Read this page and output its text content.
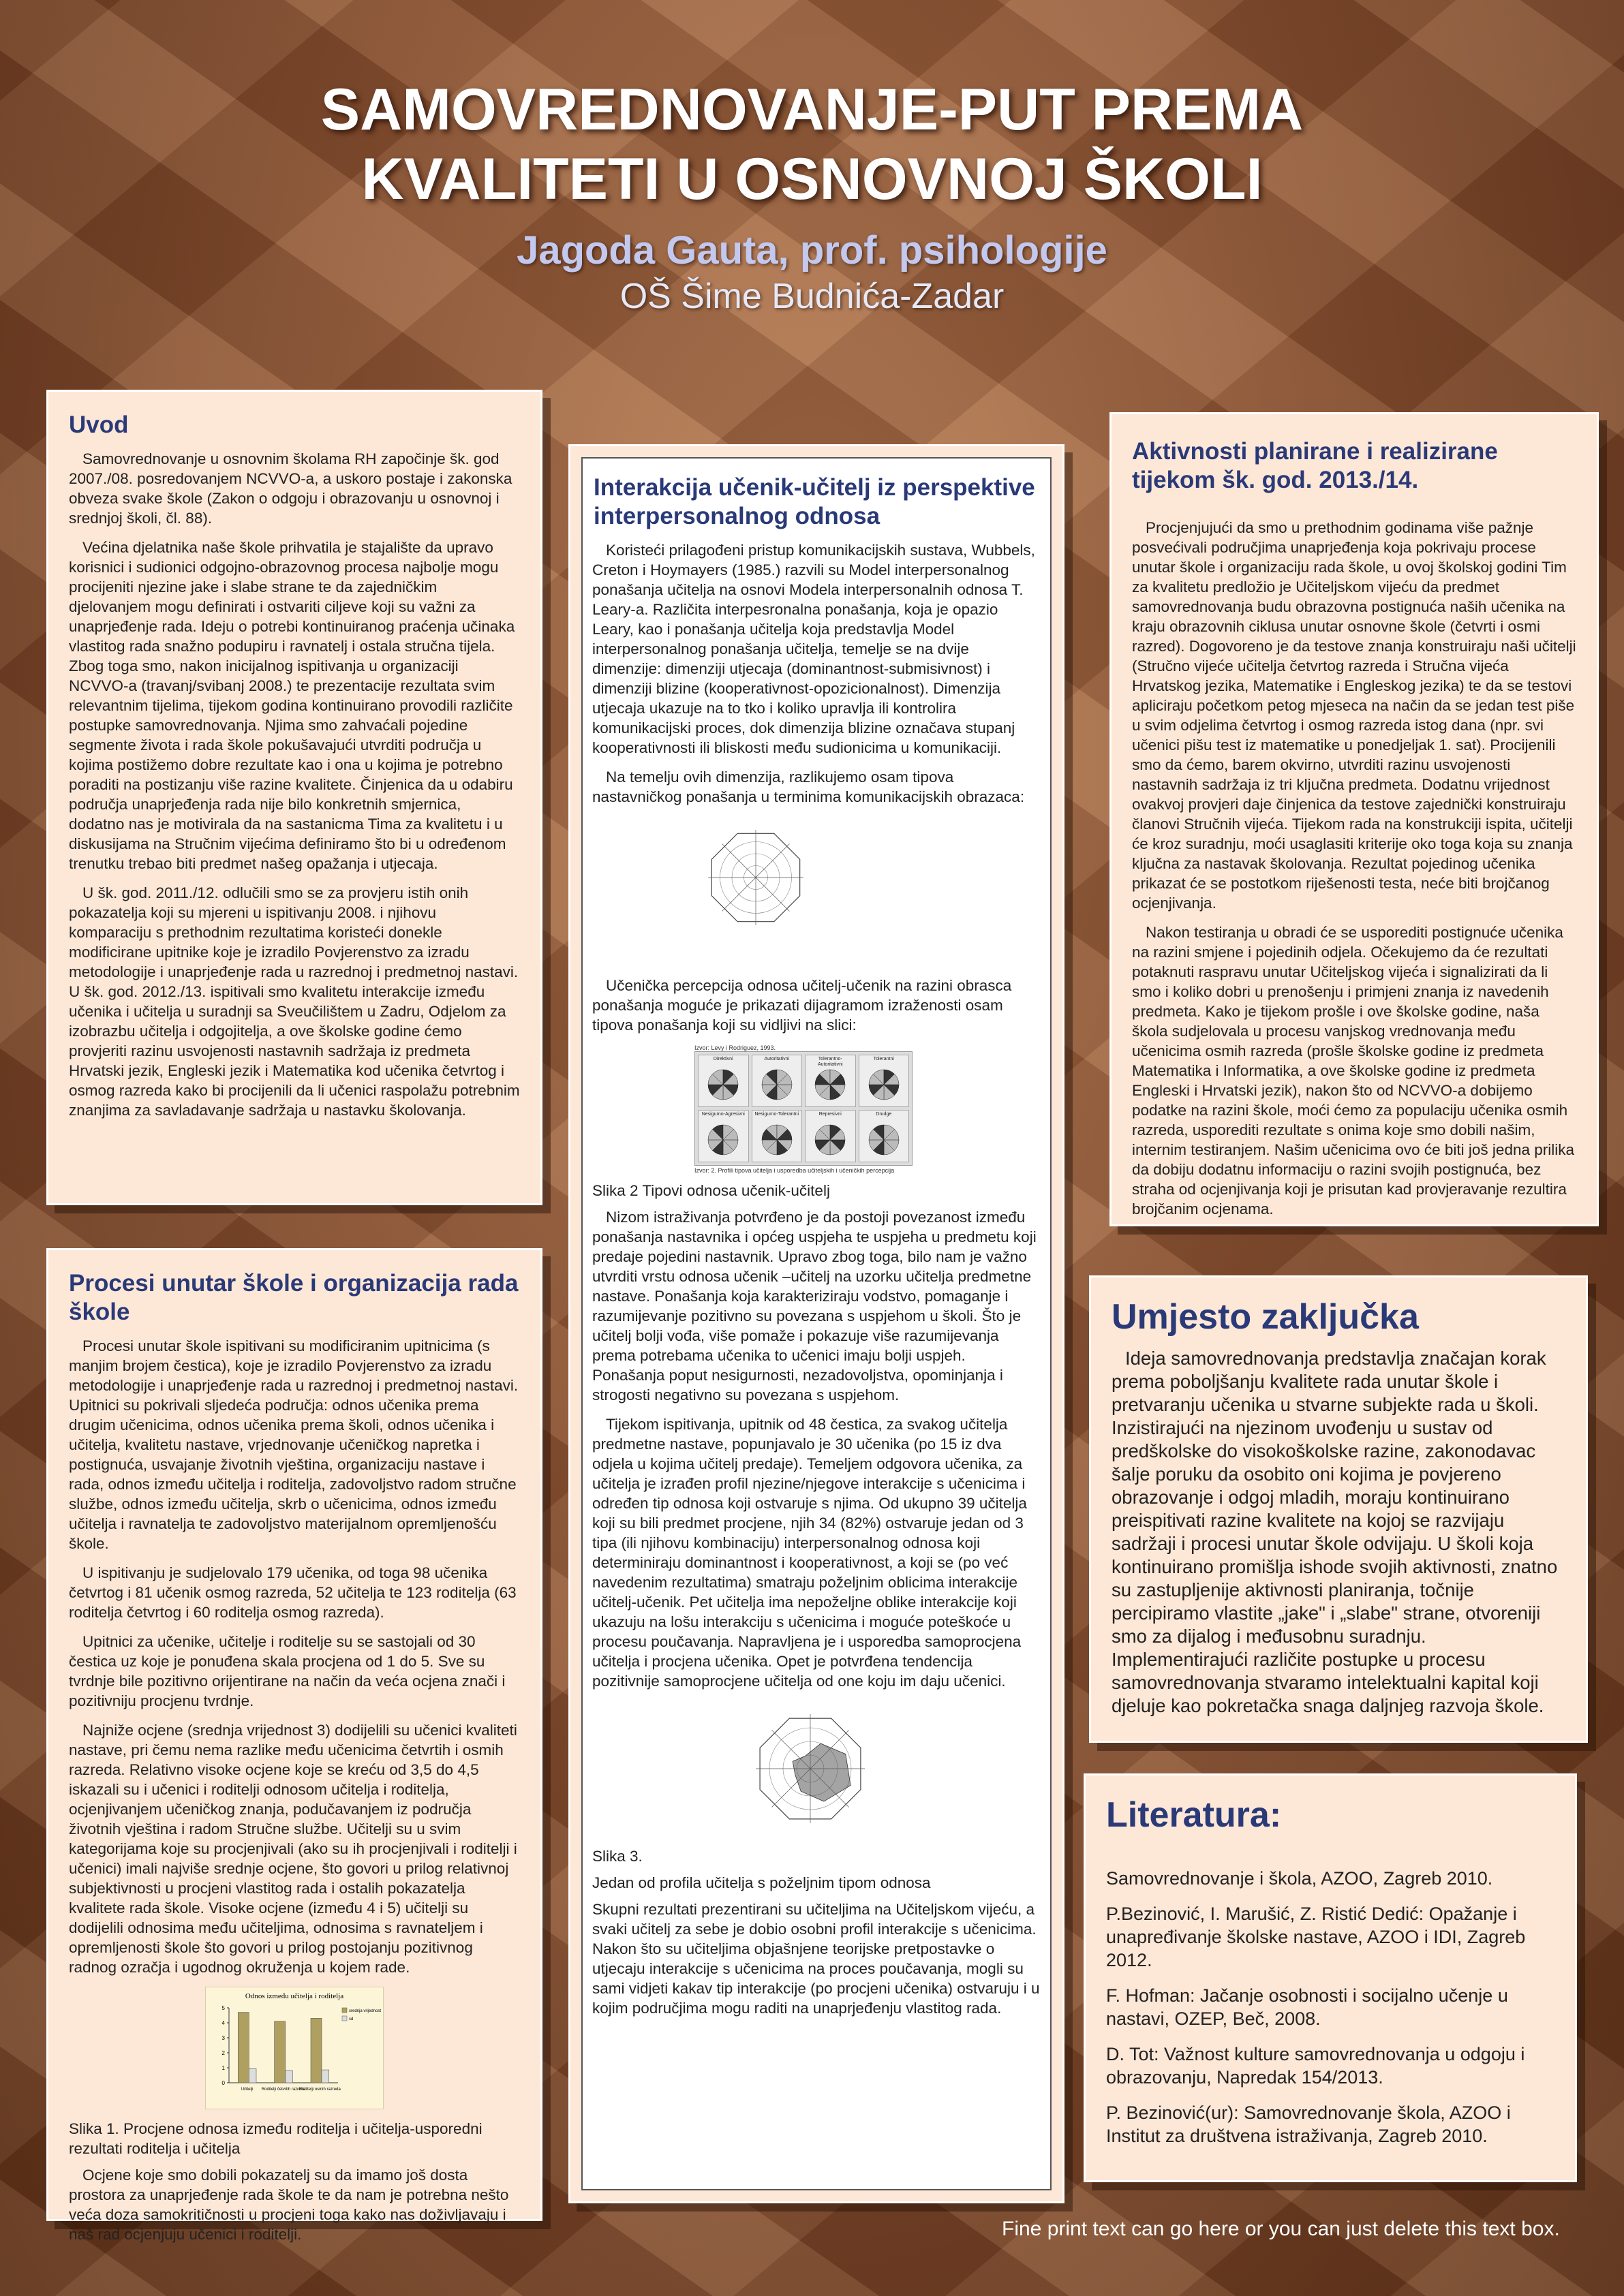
SAMOVREDNOVANJE-PUT PREMA
KVALITETI U OSNOVNOJ ŠKOLI
Jagoda Gauta, prof. psihologije
OŠ Šime Budnića-Zadar
Uvod

Samovrednovanje u osnovnim školama RH započinje šk. god 2007./08. posredovanjem NCVVO-a, a uskoro postaje i zakonska obveza svake škole (Zakon o odgoju i obrazovanju u osnovnoj i srednjoj školi, čl. 88).

Većina djelatnika naše škole prihvatila je stajalište da upravo korisnici i sudionici odgojno-obrazovnog procesa najbolje mogu procijeniti njezine jake i slabe strane te da zajedničkim djelovanjem mogu definirati i ostvariti ciljeve koji su važni za unaprjeđenje rada. Ideju o potrebi kontinuiranog praćenja učinaka vlastitog rada snažno podupiru i ravnatelj i ostala stručna tijela. Zbog toga smo, nakon inicijalnog ispitivanja u organizaciji NCVVO-a (travanj/svibanj 2008.) te prezentacije rezultata svim relevantnim tijelima, tijekom godina kontinuirano provodili različite postupke samovrednovanja. Njima smo zahvaćali pojedine segmente života i rada škole pokušavajući utvrditi područja u kojima postižemo dobre rezultate kao i ona u kojima je potrebno poraditi na postizanju više razine kvalitete. Činjenica da u odabiru područja unaprjeđenja rada nije bilo konkretnih smjernica, dodatno nas je motivirala da na sastanicma Tima za kvalitetu i u diskusijama na Stručnim vijećima definiramo što bi u određenom trenutku trebao biti predmet našeg opažanja i utjecaja.

U šk. god. 2011./12. odlučili smo se za provjeru istih onih pokazatelja koji su mjereni u ispitivanju 2008. i njihovu komparaciju s prethodnim rezultatima koristeći donekle modificirane upitnike koje je izradilo Povjerenstvo za izradu metodologije i unaprjeđenje rada u razrednoj i predmetnoj nastavi. U šk. god. 2012./13. ispitivali smo kvalitetu interakcije između učenika i učitelja u suradnji sa Sveučilištem u Zadru, Odjelom za izobrazbu učitelja i odgojitelja, a ove školske godine ćemo provjeriti razinu usvojenosti nastavnih sadržaja iz predmeta Hrvatski jezik, Engleski jezik i Matematika kod učenika četvrtog i osmog razreda kako bi procijenili da li učenici raspolažu potrebnim znanjima za savladavanje sadržaja u nastavku školovanja.

Procesi unutar škole i organizacija rada škole

Procesi unutar škole ispitivani su modificiranim upitnicima (s manjim brojem čestica), koje je izradilo Povjerenstvo za izradu metodologije i unaprjeđenje rada u razrednoj i predmetnoj nastavi. Upitnici su pokrivali sljedeća područja: odnos učenika prema drugim učenicima, odnos učenika prema školi, odnos učenika i učitelja, kvalitetu nastave, vrjednovanje učeničkog napretka i postignuća, usvajanje životnih vještina, organizaciju nastave i rada, odnos između učitelja i roditelja, zadovoljstvo radom stručne službe, odnos između učitelja, skrb o učenicima, odnos između učitelja i ravnatelja te zadovoljstvo materijalnom opremljenošću škole.

U ispitivanju je sudjelovalo 179 učenika, od toga 98 učenika četvrtog i 81 učenik osmog razreda, 52 učitelja te 123 roditelja (63 roditelja četvrtog i 60 roditelja osmog razreda).

Upitnici za učenike, učitelje i roditelje su se sastojali od 30 čestica uz koje je ponuđena skala procjena od 1 do 5. Sve su tvrdnje bile pozitivno orijentirane na način da veća ocjena znači i pozitivniju procjenu tvrdnje.

Najniže ocjene (srednja vrijednost 3) dodijelili su učenici kvaliteti nastave, pri čemu nema razlike među učenicima četvrtih i osmih razreda. Relativno visoke ocjene koje se kreću od 3,5 do 4,5 iskazali su i učenici i roditelji odnosom učitelja i roditelja, ocjenjivanjem učeničkog znanja, podučavanjem iz područja životnih vještina i radom Stručne službe. Učitelji su u svim kategorijama koje su procjenjivali (ako su ih procjenjivali i roditelji i učenici) imali najviše srednje ocjene, što govori u prilog relativnoj subjektivnosti u procjeni vlastitog rada i ostalih pokazatelja kvalitete rada škole. Visoke ocjene (između 4 i 5) učitelji su dodijelili odnosima među učiteljima, odnosima s ravnateljem i opremljenosti škole što govori u prilog postojanju pozitivnog radnog ozračja i ugodnog okruženja u kojem rade.

Odnos između učitelja i roditelja
0
1
2
3
4
5
Učitelji Roditelji četvrtih razreda
Roditelji osmih razreda
srednja vrijednost
sd

Slika 1. Procjene odnosa između roditelja i učitelja-usporedni rezultati roditelja i učitelja

Ocjene koje smo dobili pokazatelj su da imamo još dosta prostora za unaprjeđenje rada škole te da nam je potrebna nešto veća doza samokritičnosti u procjeni toga kako nas doživljavaju i naš rad ocjenjuju učenici i roditelji.

Interakcija učenik-učitelj iz perspektive interpersonalnog odnosa

Koristeći prilagođeni pristup komunikacijskih sustava, Wubbels, Creton i Hoymayers (1985.) razvili su Model interpersonalnog ponašanja učitelja na osnovi Modela interpersonalnih odnosa T. Leary-a. Različita interpesronalna ponašanja, koja je opazio Leary, kao i ponašanja učitelja koja predstavlja Model interpersonalnog ponašanja učitelja, temelje se na dvije dimenzije: dimenziji utjecaja (dominantnost-submisivnost) i dimenziji blizine (kooperativnost-opozicionalnost). Dimenzija utjecaja ukazuje na to tko i koliko upravlja ili kontrolira komunikacijski proces, dok dimenzija blizine označava stupanj kooperativnosti ili bliskosti među sudionicima u komunikaciji.

Na temelju ovih dimenzija, razlikujemo osam tipova nastavničkog ponašanja u terminima komunikacijskih obrazaca:

Učenička percepcija odnosa učitelj-učenik na razini obrasca ponašanja moguće je prikazati dijagramom izraženosti osam tipova ponašanja koji su vidljivi na slici:

Izvor: Levy i Rodriguez, 1993.
Direktivni	Autoritativni	Tolerantno-Autoritativni
Tolerantni
Nesigurno-Agresivni	Nesigurno-Tolerantni	Represivni	Drudge
Izvor: 2. Profili tipova učitelja i usporedba učiteljskih i učeničkih percepcija

Slika 2 Tipovi odnosa učenik-učitelj

Nizom istraživanja potvrđeno je da postoji povezanost između ponašanja nastavnika i općeg uspjeha te uspjeha u predmetu koji predaje pojedini nastavnik. Upravo zbog toga, bilo nam je važno utvrditi vrstu odnosa učenik –učitelj na uzorku učitelja predmetne nastave. Ponašanja koja karakteriziraju vodstvo, pomaganje i razumijevanje pozitivno su povezana s uspjehom u školi. Što je učitelj bolji vođa, više pomaže i pokazuje više razumijevanja prema potrebama učenika to učenici imaju bolji uspjeh. Ponašanja poput nesigurnosti, nezadovoljstva, opominjanja i strogosti negativno su povezana s uspjehom.

Tijekom ispitivanja, upitnik od 48 čestica, za svakog učitelja predmetne nastave, popunjavalo je 30 učenika (po 15 iz dva odjela u kojima učitelj predaje). Temeljem odgovora učenika, za učitelja je izrađen profil njezine/njegove interakcije s učenicima i određen tip odnosa koji ostvaruje s njima. Od ukupno 39 učitelja koji su bili predmet procjene, njih 34 (82%) ostvaruje jedan od 3 tipa (ili njihovu kombinaciju) interpersonalnog odnosa koji determiniraju dominantnost i kooperativnost, a koji se (po već navedenim rezultatima) smatraju poželjnim oblicima interakcije učitelj-učenik. Pet učitelja ima nepoželjne oblike interakcije koji ukazuju na lošu interakciju s učenicima i moguće poteškoće u procesu poučavanja. Napravljena je i usporedba samoprocjena učitelja i procjena učenika. Opet je potvrđena tendencija pozitivnije samoprocjene učitelja od one koju im daju učenici.

Slika 3.

Jedan od profila učitelja s poželjnim tipom odnosa

Skupni rezultati prezentirani su učiteljima na Učiteljskom vijeću, a svaki učitelj za sebe je dobio osobni profil interakcije s učenicima. Nakon što su učiteljima objašnjene teorijske pretpostavke o utjecaju interakcije s učenicima na proces poučavanja, mogli su sami vidjeti kakav tip interakcije (po procjeni učenika) ostvaruju i u kojim područjima mogu raditi na unaprjeđenju vlastitog rada.

Aktivnosti planirane i realizirane tijekom šk. god. 2013./14.

Procjenjujući da smo u prethodnim godinama više pažnje posvećivali područjima unaprjeđenja koja pokrivaju procese unutar škole i organizaciju rada škole, u ovoj školskoj godini Tim za kvalitetu predložio je Učiteljskom vijeću da predmet samovrednovanja budu obrazovna postignuća naših učenika na kraju obrazovnih ciklusa unutar osnovne škole (četvrti i osmi razred). Dogovoreno je da testove znanja konstruiraju naši učitelji (Stručno vijeće učitelja četvrtog razreda i Stručna vijeća Hrvatskog jezika, Matematike i Engleskog jezika) te da se testovi apliciraju početkom petog mjeseca na način da se jedan test piše u svim odjelima četvrtog i osmog razreda istog dana (npr. svi učenici pišu test iz matematike u ponedjeljak 1. sat). Procijenili smo da ćemo, barem okvirno, utvrditi razinu usvojenosti nastavnih sadržaja iz tri ključna predmeta. Dodatnu vrijednost ovakvoj provjeri daje činjenica da testove zajednički konstruiraju članovi Stručnih vijeća. Tijekom rada na konstrukciji ispita, učitelji će kroz suradnju, moći usaglasiti kriterije oko toga koja su znanja ključna za nastavak školovanja. Rezultat pojedinog učenika prikazat će se postotkom riješenosti testa, neće biti brojčanog ocjenjivanja.

Nakon testiranja u obradi će se usporediti postignuće učenika na razini smjene i pojedinih odjela. Očekujemo da će rezultati potaknuti raspravu unutar Učiteljskog vijeća i signalizirati da li smo i koliko dobri u prenošenju i primjeni znanja iz navedenih predmeta. Kako je tijekom prošle i ove školske godine, naša škola sudjelovala u procesu vanjskog vrednovanja među učenicima osmih razreda (prošle školske godine iz predmeta Matematika i Informatika, a ove školske godine iz predmeta Engleski i Hrvatski jezik), nakon što od NCVVO-a dobijemo podatke na razini škole, moći ćemo za populaciju učenika osmih razreda, usporediti rezultate s onima koje smo dobili našim, internim testiranjem. Našim učenicima ovo će biti još jedna prilika da dobiju dodatnu informaciju o razini svojih postignuća, bez straha od ocjenjivanja koji je prisutan kad provjeravanje rezultira brojčanim ocjenama.

Umjesto zaključka

Ideja samovrednovanja predstavlja značajan korak prema poboljšanju kvalitete rada unutar škole i pretvaranju učenika u stvarne subjekte rada u školi. Inzistirajući na njezinom uvođenju u sustav od predškolske do visokoškolske razine, zakonodavac šalje poruku da osobito oni kojima je povjereno obrazovanje i odgoj mladih, moraju kontinuirano preispitivati razine kvalitete na kojoj se razvijaju sadržaji i procesi unutar škole odvijaju. U školi koja kontinuirano promišlja ishode svojih aktivnosti, znatno su zastupljenije aktivnosti planiranja, točnije percipiramo vlastite „jake" i „slabe" strane, otvoreniji smo za dijalog i međusobnu suradnju. Implementirajući različite postupke u procesu samovrednovanja stvaramo intelektualni kapital koji djeluje kao pokretačka snaga daljnjeg razvoja škole.

Literatura:

Samovrednovanje i škola, AZOO, Zagreb 2010.

P.Bezinović, I. Marušić, Z. Ristić Dedić: Opažanje i unapređivanje školske nastave, AZOO i IDI, Zagreb 2012.

F. Hofman: Jačanje osobnosti i socijalno učenje u nastavi, OZEP, Beč, 2008.

D. Tot: Važnost kulture samovrednovanja u odgoju i obrazovanju, Napredak 154/2013.

P. Bezinović(ur): Samovrednovanje škola, AZOO i Institut za društvena istraživanja, Zagreb 2010.

Fine print text can go here or you can just delete this text box.
